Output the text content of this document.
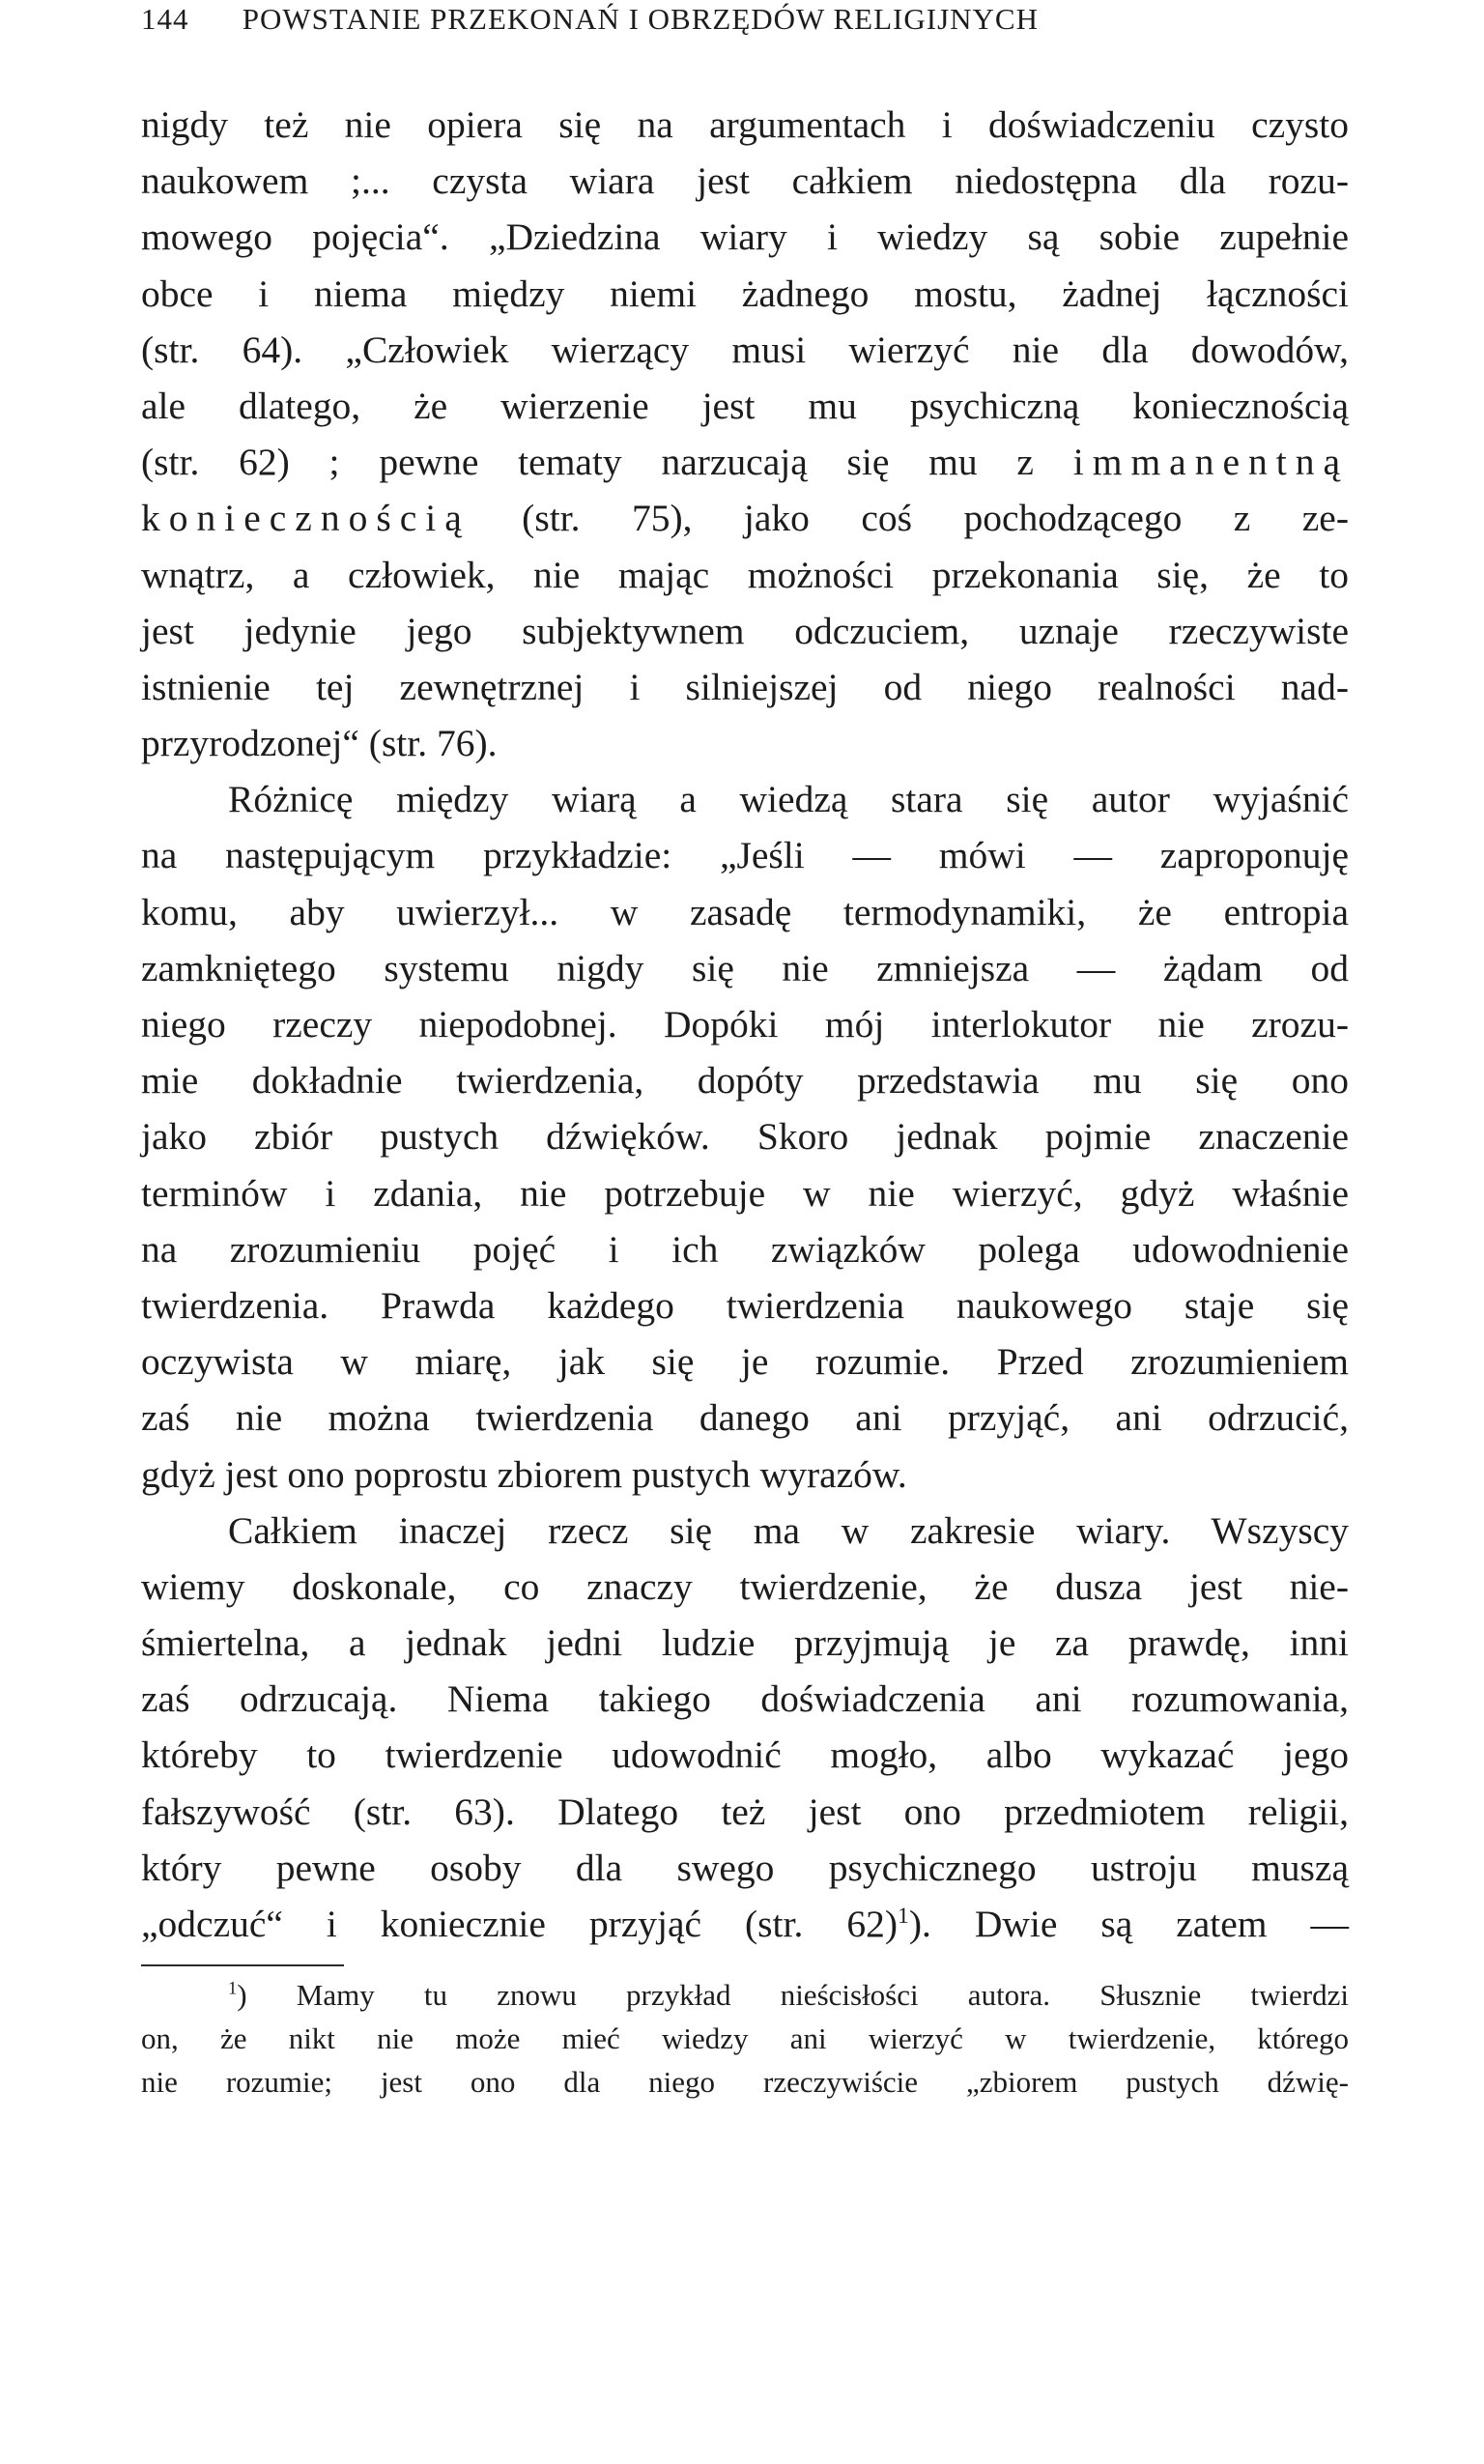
144 POWSTANIE PRZEKONAŃ I OBRZĘDÓW RELIGIJNYCH
nigdy też nie opiera się na argumentach i doświadczeniu czysto
naukowem ;... czysta wiara jest całkiem niedostępna dla rozu-
mowego pojęcia“. „Dziedzina wiary i wiedzy są sobie zupełnie
obce i niema między niemi żadnego mostu, żadnej łączności
(str. 64). „Człowiek wierzący musi wierzyć nie dla dowodów,
ale dlatego, że wierzenie jest mu psychiczną koniecznością
(str. 62) ; pewne tematy narzucają się mu z immanentną
koniecznością (str. 75), jako coś pochodzącego z ze-
wnątrz, a człowiek, nie mając możności przekonania się, że to
jest jedynie jego subjektywnem odczuciem, uznaje rzeczywiste
istnienie tej zewnętrznej i silniejszej od niego realności nad-
przyrodzonej“ (str. 76).
Różnicę między wiarą a wiedzą stara się autor wyjaśnić
na następującym przykładzie: „Jeśli — mówi — zaproponuję
komu, aby uwierzył... w zasadę termodynamiki, że entropia
zamkniętego systemu nigdy się nie zmniejsza — żądam od
niego rzeczy niepodobnej. Dopóki mój interlokutor nie zrozu-
mie dokładnie twierdzenia, dopóty przedstawia mu się ono
jako zbiór pustych dźwięków. Skoro jednak pojmie znaczenie
terminów i zdania, nie potrzebuje w nie wierzyć, gdyż właśnie
na zrozumieniu pojęć i ich związków polega udowodnienie
twierdzenia. Prawda każdego twierdzenia naukowego staje się
oczywista w miarę, jak się je rozumie. Przed zrozumieniem
zaś nie można twierdzenia danego ani przyjąć, ani odrzucić,
gdyż jest ono poprostu zbiorem pustych wyrazów.
Całkiem inaczej rzecz się ma w zakresie wiary. Wszyscy
wiemy doskonale, co znaczy twierdzenie, że dusza jest nie-
śmiertelna, a jednak jedni ludzie przyjmują je za prawdę, inni
zaś odrzucają. Niema takiego doświadczenia ani rozumowania,
któreby to twierdzenie udowodnić mogło, albo wykazać jego
fałszywość (str. 63). Dlatego też jest ono przedmiotem religii,
który pewne osoby dla swego psychicznego ustroju muszą
„odczuć“ i koniecznie przyjąć (str. 62)$^1$). Dwie są zatem —
$^1$) Mamy tu znowu przykład nieścisłości autora. Słusznie twierdzi
on, że nikt nie może mieć wiedzy ani wierzyć w twierdzenie, którego
nie rozumie; jest ono dla niego rzeczywiście „zbiorem pustych dźwię-
